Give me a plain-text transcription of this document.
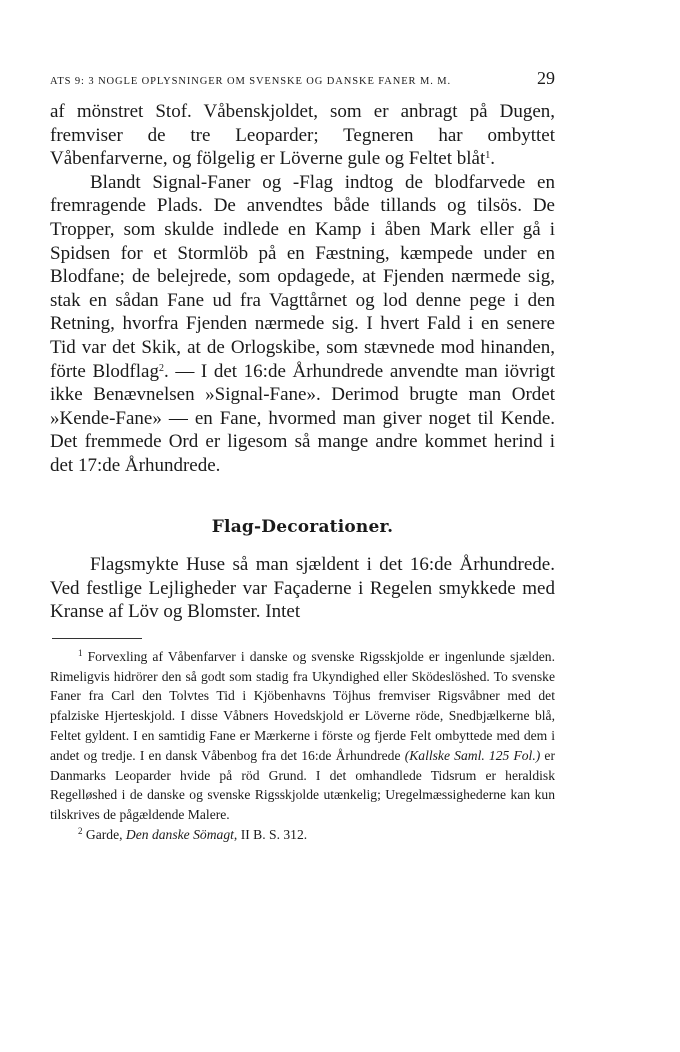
ATS 9: 3 NOGLE OPLYSNINGER OM SVENSKE OG DANSKE FANER M. M.	29

af mönstret Stof. Våbenskjoldet, som er anbragt på Dugen, fremviser de tre Leoparder; Tegneren har ombyttet Våbenfarverne, og fölgelig er Löverne gule og Feltet blåt$^1$.

Blandt Signal-Faner og -Flag indtog de blodfarvede en fremragende Plads. De anvendtes både tillands og tilsös. De Tropper, som skulde indlede en Kamp i åben Mark eller gå i Spidsen for et Stormlöb på en Fæstning, kæmpede under en Blodfane; de belejrede, som opdagede, at Fjenden nærmede sig, stak en sådan Fane ud fra Vagttårnet og lod denne pege i den Retning, hvorfra Fjenden nærmede sig. I hvert Fald i en senere Tid var det Skik, at de Orlogskibe, som stævnede mod hinanden, förte Blodflag$^2$. — I det 16:de Århundrede anvendte man iövrigt ikke Benævnelsen »Signal-Fane». Derimod brugte man Ordet »Kende-Fane» — en Fane, hvormed man giver noget til Kende. Det fremmede Ord er ligesom så mange andre kommet herind i det 17:de Århundrede.

Flag-Decorationer.

Flagsmykte Huse så man sjældent i det 16:de Århundrede. Ved festlige Lejligheder var Façaderne i Regelen smykkede med Kranse af Löv og Blomster. Intet

$^1$ Forvexling af Våbenfarver i danske og svenske Rigsskjolde er ingenlunde sjælden. Rimeligvis hidrörer den så godt som stadig fra Ukyndighed eller Sködeslöshed. To svenske Faner fra Carl den Tolvtes Tid i Kjöbenhavns Töjhus fremviser Rigsvåbner med det pfalziske Hjerteskjold. I disse Våbners Hovedskjold er Löverne röde, Snedbjælkerne blå, Feltet gyldent. I en samtidig Fane er Mærkerne i förste og fjerde Felt ombyttede med dem i andet og tredje. I en dansk Våbenbog fra det 16:de Århundrede (Kallske Saml. 125 Fol.) er Danmarks Leoparder hvide på röd Grund. I det omhandlede Tidsrum er heraldisk Regelløshed i de danske og svenske Rigsskjolde utænkelig; Uregelmæssighederne kan kun tilskrives de pågældende Malere.

$^2$ Garde, Den danske Sömagt, II B. S. 312.
